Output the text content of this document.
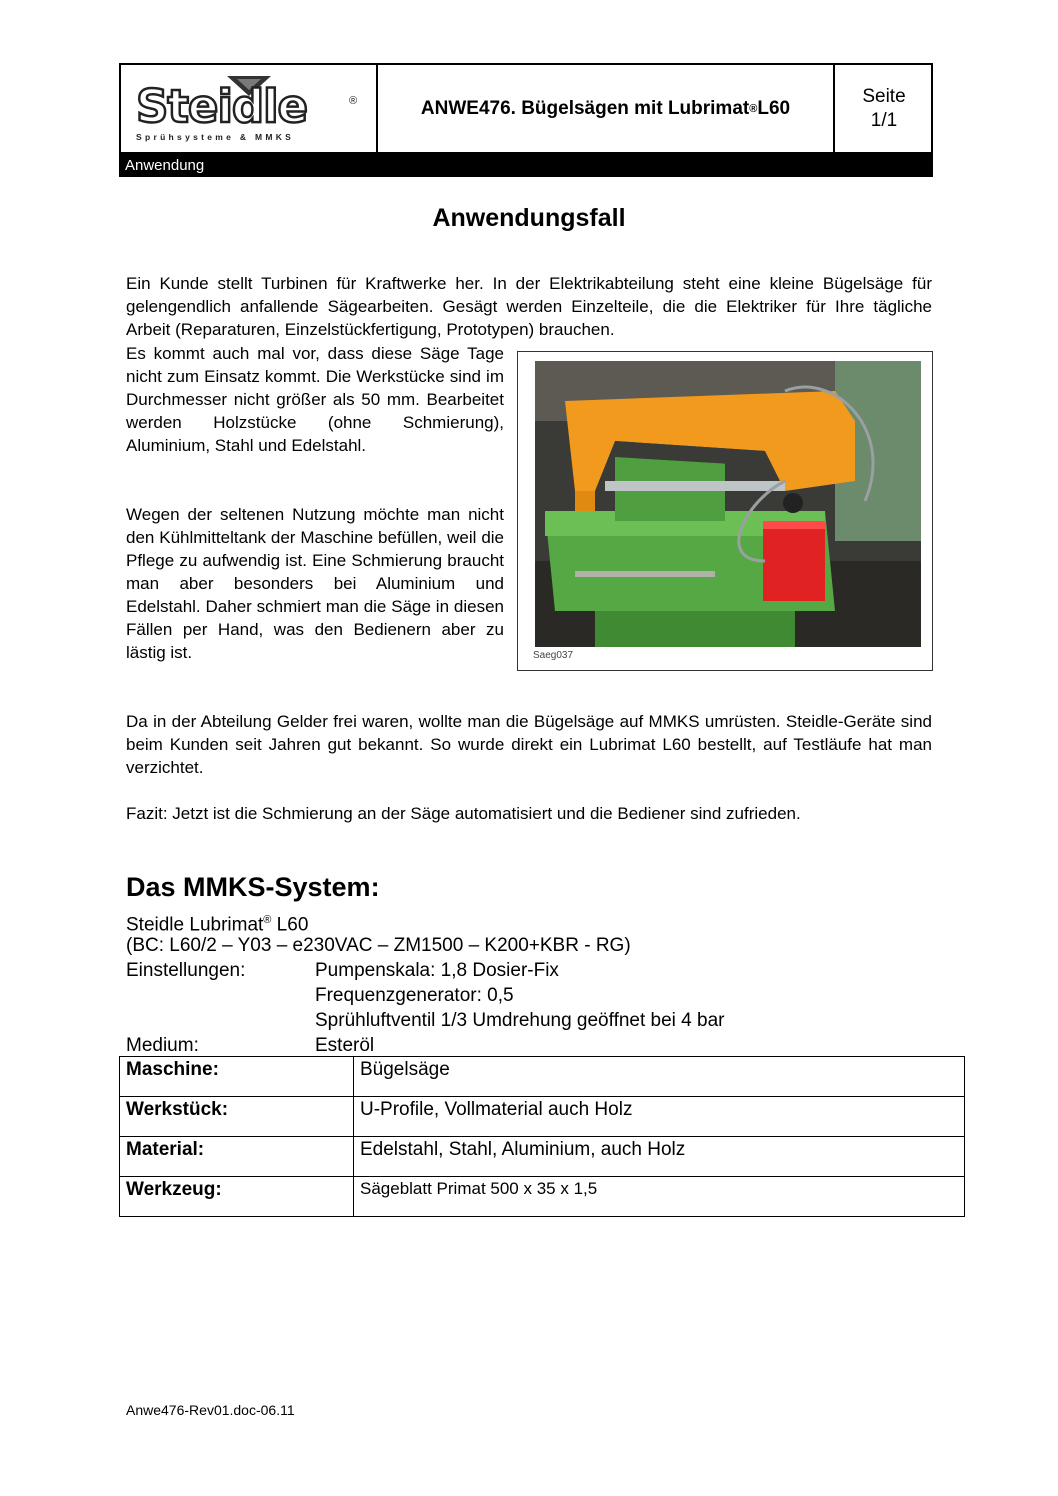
Steidle	®
Sprühsysteme & MMKS
ANWE476. Bügelsägen mit Lubrimat ® L60
Seite
1/1
Anwendung
Anwendungsfall

Ein Kunde stellt Turbinen für Kraftwerke her. In der Elektrikabteilung steht eine kleine Bügelsäge für gelengendlich anfallende Sägearbeiten. Gesägt werden Einzelteile, die die Elektriker für Ihre tägliche Arbeit (Reparaturen, Einzelstückfertigung, Prototypen) brauchen.

Es kommt auch mal vor, dass diese Säge Tage nicht zum Einsatz kommt. Die Werkstücke sind im Durchmesser nicht größer als 50 mm. Bearbeitet werden Holzstücke (ohne Schmierung), Aluminium, Stahl und Edelstahl.

Wegen der seltenen Nutzung möchte man nicht den Kühlmitteltank der Maschine befüllen, weil die Pflege zu aufwendig ist. Eine Schmierung braucht man aber besonders bei Aluminium und Edelstahl. Daher schmiert man die Säge in diesen Fällen per Hand, was den Bedienern aber zu lästig ist.	Saeg037

Da in der Abteilung Gelder frei waren, wollte man die Bügelsäge auf MMKS umrüsten. Steidle-Geräte sind beim Kunden seit Jahren gut bekannt. So wurde direkt ein Lubrimat L60 bestellt, auf Testläufe hat man verzichtet.

Fazit: Jetzt ist die Schmierung an der Säge automatisiert und die Bediener sind zufrieden.

Das MMKS-System:
Steidle Lubrimat® L60
(BC: L60/2 – Y03 – e230VAC – ZM1500 – K200+KBR - RG)
Einstellungen:	Pumpenskala: 1,8 Dosier-Fix
Frequenzgenerator: 0,5
Sprühluftventil 1/3 Umdrehung geöffnet bei 4 bar
Medium:	Esteröl
Maschine:	Bügelsäge
Werkstück:	U-Profile, Vollmaterial auch Holz
Material:	Edelstahl, Stahl, Aluminium, auch Holz
Werkzeug:	Sägeblatt Primat 500 x 35 x 1,5
Anwe476-Rev01.doc-06.11
